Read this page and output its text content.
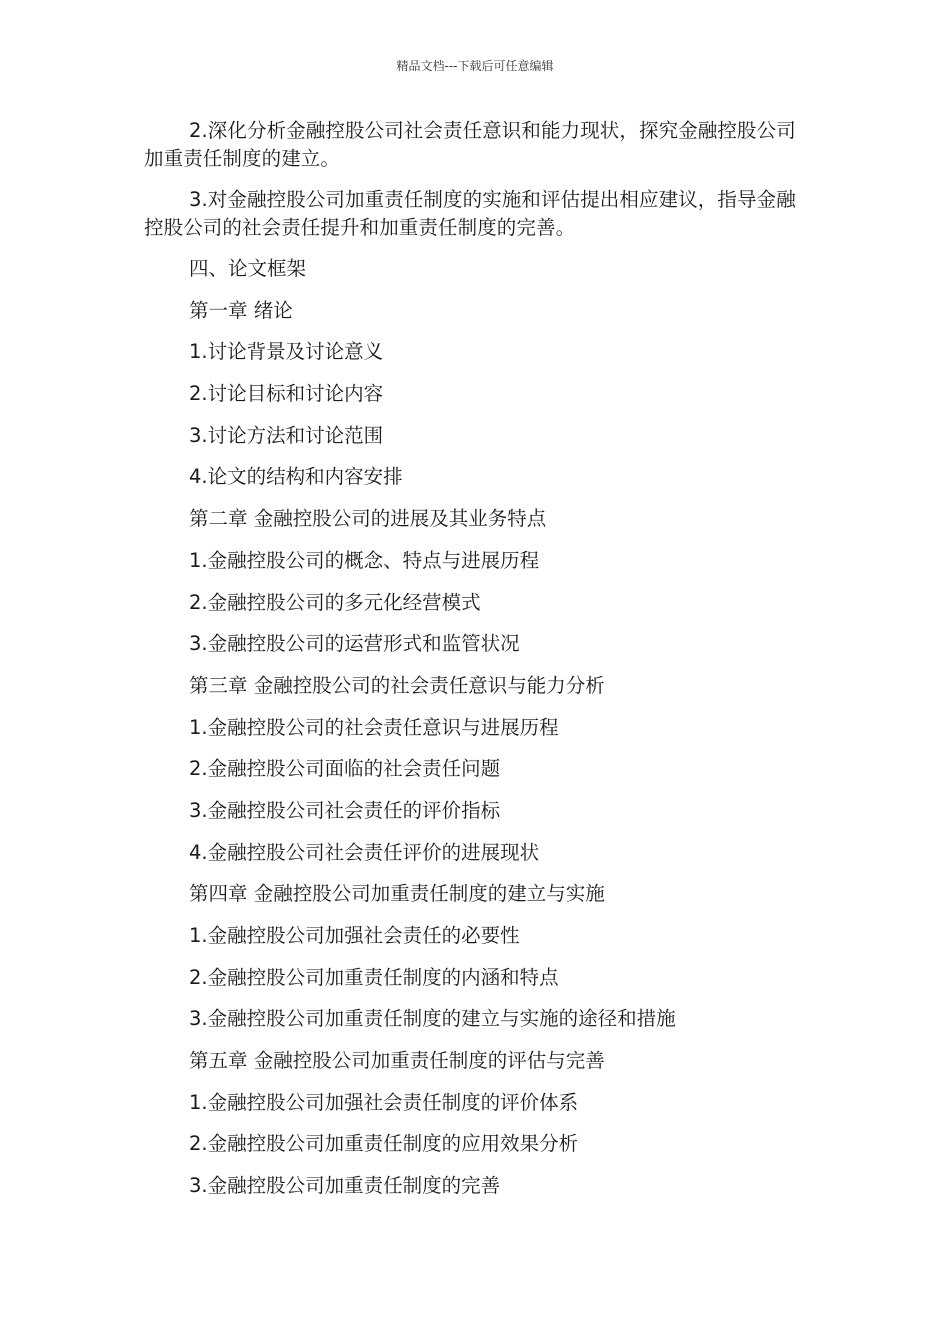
精品文档---下载后可任意编辑

2.深化分析金融控股公司社会责任意识和能力现状，探究金融控股公司加重责任制度的建立。

3.对金融控股公司加重责任制度的实施和评估提出相应建议，指导金融控股公司的社会责任提升和加重责任制度的完善。

四、论文框架
第一章 绪论
1.讨论背景及讨论意义
2.讨论目标和讨论内容
3.讨论方法和讨论范围
4.论文的结构和内容安排
第二章 金融控股公司的进展及其业务特点
1.金融控股公司的概念、特点与进展历程
2.金融控股公司的多元化经营模式
3.金融控股公司的运营形式和监管状况
第三章 金融控股公司的社会责任意识与能力分析
1.金融控股公司的社会责任意识与进展历程
2.金融控股公司面临的社会责任问题
3.金融控股公司社会责任的评价指标
4.金融控股公司社会责任评价的进展现状
第四章 金融控股公司加重责任制度的建立与实施
1.金融控股公司加强社会责任的必要性
2.金融控股公司加重责任制度的内涵和特点
3.金融控股公司加重责任制度的建立与实施的途径和措施
第五章 金融控股公司加重责任制度的评估与完善
1.金融控股公司加强社会责任制度的评价体系
2.金融控股公司加重责任制度的应用效果分析
3.金融控股公司加重责任制度的完善
